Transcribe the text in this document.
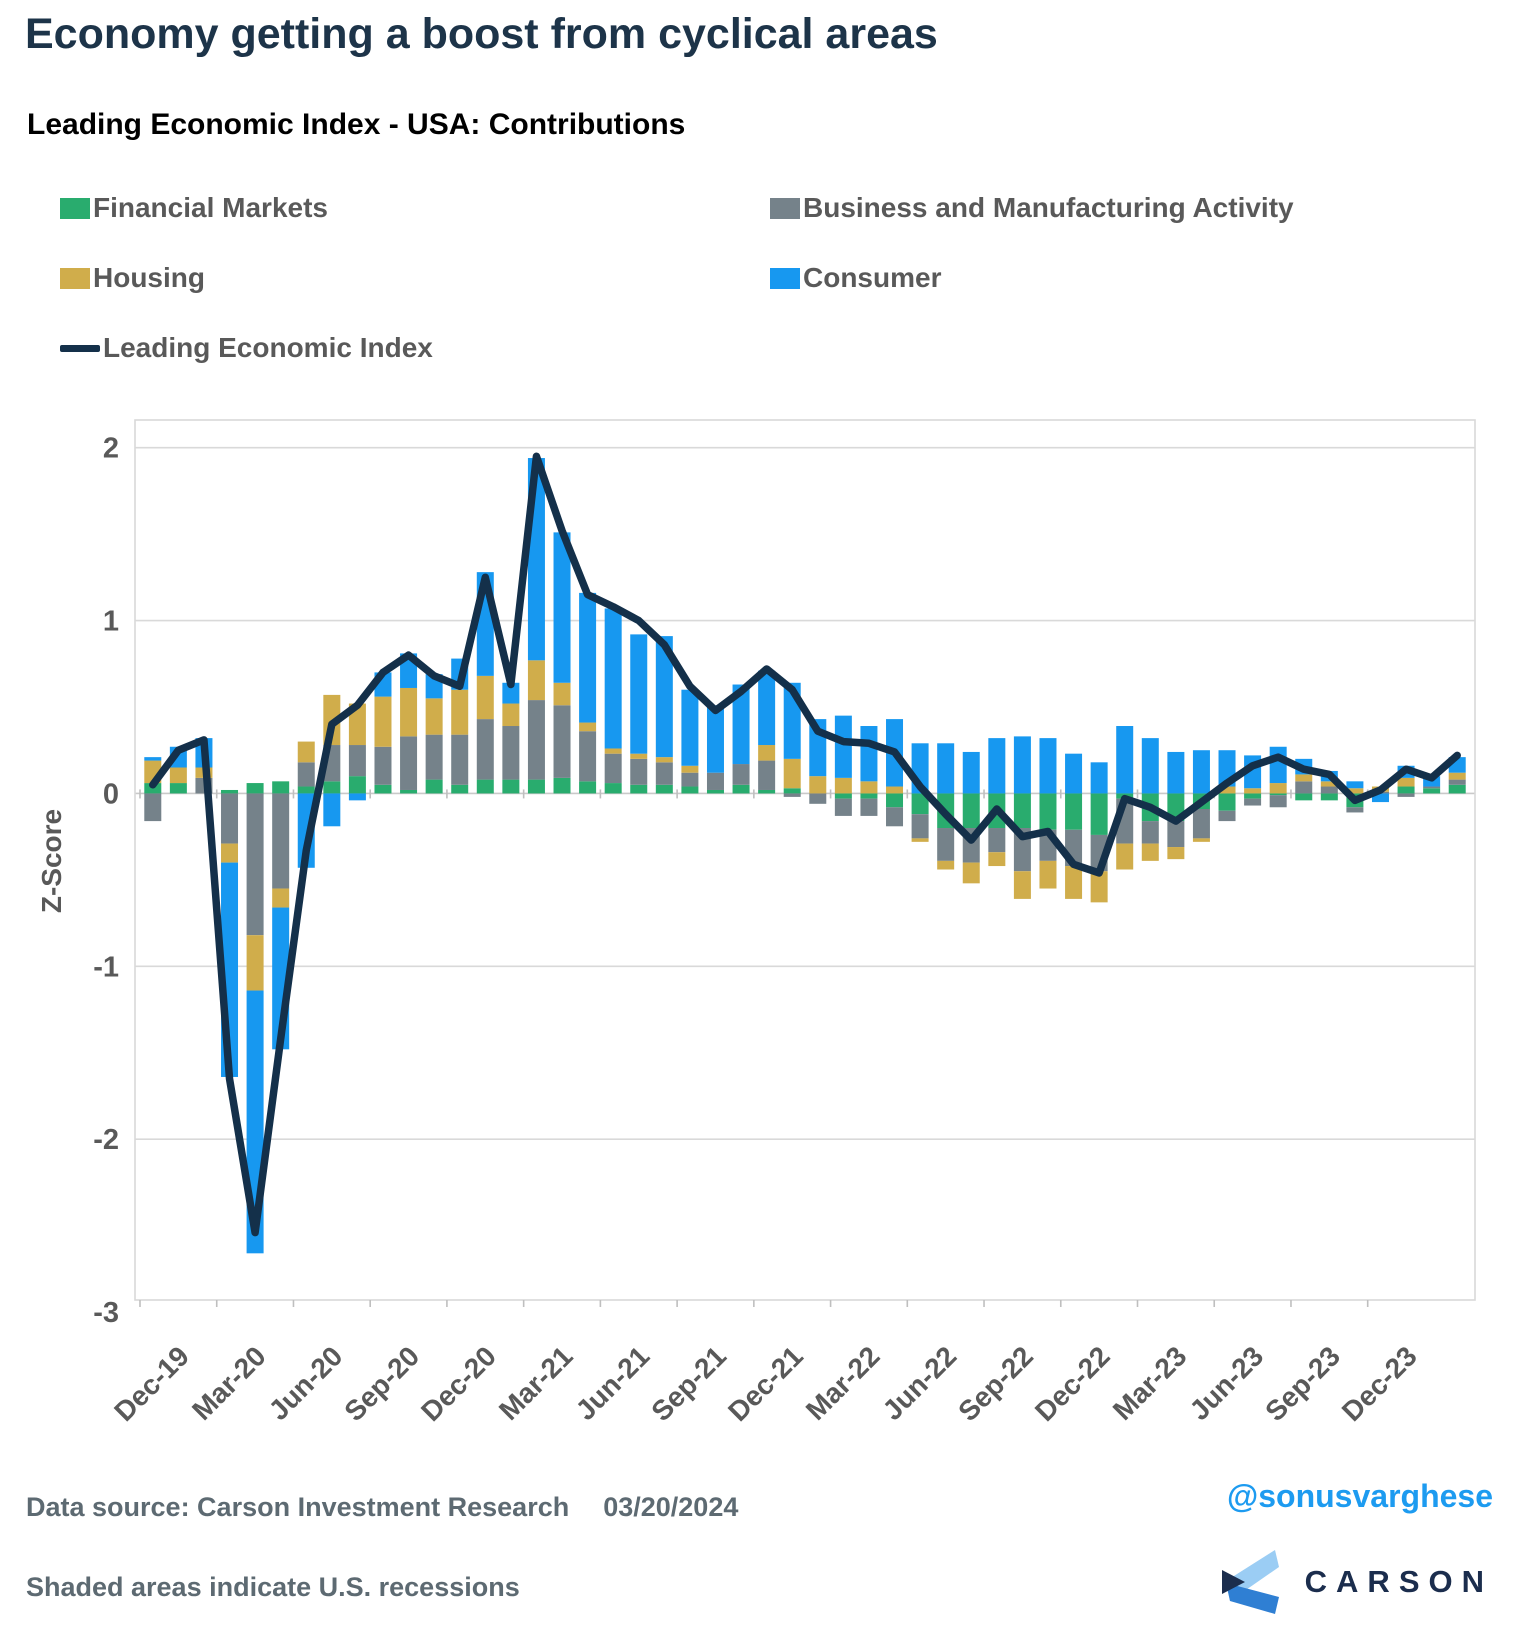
Economy getting a boost from cyclical areas
Leading Economic Index - USA: Contributions
Financial Markets	Business and Manufacturing Activity
Housing	Consumer
Leading Economic Index
Z-Score
2
1
0
-1
-2
-3
Dec-19
Mar-20
Jun-20
Sep-20
Dec-20
Mar-21
Jun-21
Sep-21
Dec-21
Mar-22
Jun-22
Sep-22
Dec-22
Mar-23
Jun-23
Sep-23
Dec-23
Data source: Carson Investment Research 03/20/2024
Shaded areas indicate U.S. recessions
@sonusvarghese
CARSON
